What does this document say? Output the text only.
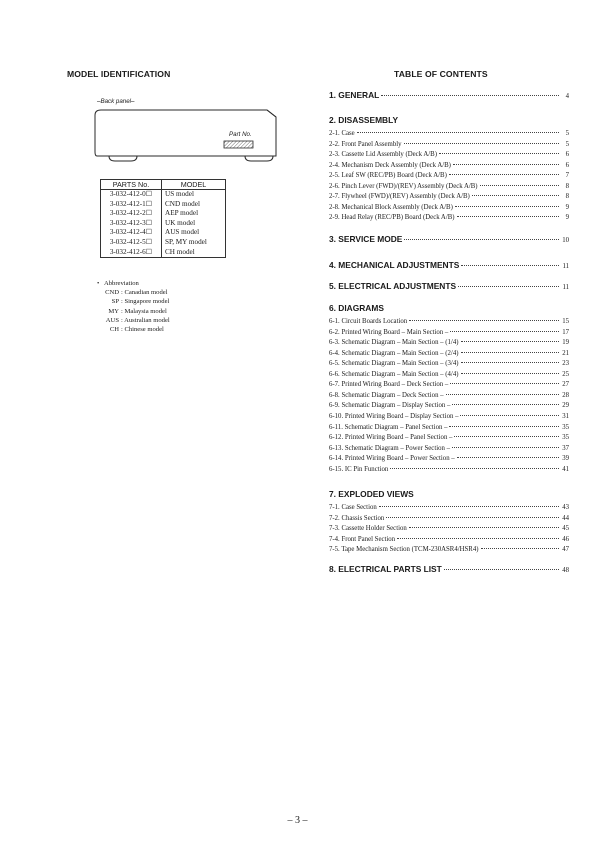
MODEL IDENTIFICATION	TABLE OF CONTENTS
–Back panel–
Part No.
PARTS No.	MODEL
3-032-412-0☐	US model
3-032-412-1☐	CND model
3-032-412-2☐	AEP model
3-032-412-3☐	UK model
3-032-412-4☐	AUS model
3-032-412-5☐	SP, MY model
3-032-412-6☐	CH model
• Abbreviation
CND : Canadian model
SP : Singapore model
MY : Malaysia model
AUS : Australian model
CH : Chinese model
1. GENERAL	4
2. DISASSEMBLY
2-1. Case	5
2-2. Front Panel Assembly	5
2-3. Cassette Lid Assembly (Deck A/B)	6
2-4. Mechanism Deck Assembly (Deck A/B)	6
2-5. Leaf SW (REC/PB) Board (Deck A/B)	7
2-6. Pinch Lever (FWD)/(REV) Assembly (Deck A/B)	8
2-7. Flywheel (FWD)/(REV) Assembly (Deck A/B)	8
2-8. Mechanical Block Assembly (Deck A/B)	9
2-9. Head Relay (REC/PB) Board (Deck A/B)	9
3. SERVICE MODE	10
4. MECHANICAL ADJUSTMENTS	11
5. ELECTRICAL ADJUSTMENTS	11
6. DIAGRAMS
6-1. Circuit Boards Location	15
6-2. Printed Wiring Board – Main Section –	17
6-3. Schematic Diagram – Main Section – (1/4)	19
6-4. Schematic Diagram – Main Section – (2/4)	21
6-5. Schematic Diagram – Main Section – (3/4)	23
6-6. Schematic Diagram – Main Section – (4/4)	25
6-7. Printed Wiring Board – Deck Section –	27
6-8. Schematic Diagram – Deck Section –	28
6-9. Schematic Diagram – Display Section –	29
6-10. Printed Wiring Board – Display Section –	31
6-11. Schematic Diagram – Panel Section –	35
6-12. Printed Wiring Board – Panel Section –	35
6-13. Schematic Diagram – Power Section –	37
6-14. Printed Wiring Board – Power Section –	39
6-15. IC Pin Function	41
7. EXPLODED VIEWS
7-1. Case Section	43
7-2. Chassis Section	44
7-3. Cassette Holder Section	45
7-4. Front Panel Section	46
7-5. Tape Mechanism Section (TCM-230ASR4/HSR4)	47
8. ELECTRICAL PARTS LIST	48
– 3 –
